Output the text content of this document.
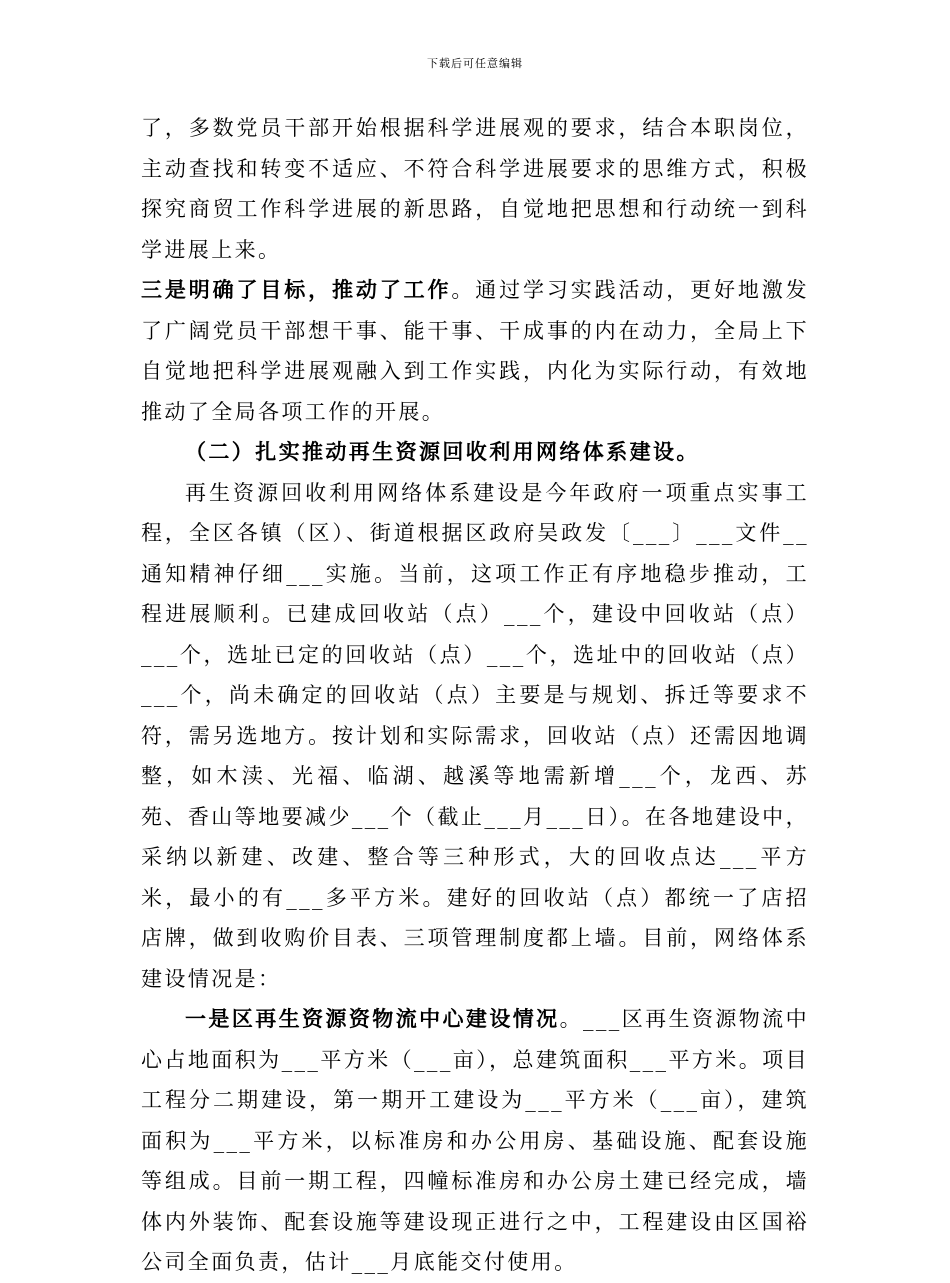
下载后可任意编辑

了，多数党员干部开始根据科学进展观的要求，结合本职岗位，主动查找和转变不适应、不符合科学进展要求的思维方式，积极探究商贸工作科学进展的新思路，自觉地把思想和行动统一到科学进展上来。

三是明确了目标，推动了工作。通过学习实践活动，更好地激发了广阔党员干部想干事、能干事、干成事的内在动力，全局上下自觉地把科学进展观融入到工作实践，内化为实际行动，有效地推动了全局各项工作的开展。

（二）扎实推动再生资源回收利用网络体系建设。

再生资源回收利用网络体系建设是今年政府一项重点实事工程，全区各镇（区）、街道根据区政府吴政发〔___〕___文件__通知精神仔细___实施。当前，这项工作正有序地稳步推动，工程进展顺利。已建成回收站（点）___个，建设中回收站（点）___个，选址已定的回收站（点）___个，选址中的回收站（点）___个，尚未确定的回收站（点）主要是与规划、拆迁等要求不符，需另选地方。按计划和实际需求，回收站（点）还需因地调整，如木渎、光福、临湖、越溪等地需新增___个，龙西、苏苑、香山等地要减少___个（截止___月___日）。在各地建设中，采纳以新建、改建、整合等三种形式，大的回收点达___平方米，最小的有___多平方米。建好的回收站（点）都统一了店招店牌，做到收购价目表、三项管理制度都上墙。目前，网络体系建设情况是：

一是区再生资源资物流中心建设情况。___区再生资源物流中心占地面积为___平方米（___亩），总建筑面积___平方米。项目工程分二期建设，第一期开工建设为___平方米（___亩），建筑面积为___平方米，以标准房和办公用房、基础设施、配套设施等组成。目前一期工程，四幢标准房和办公房土建已经完成，墙体内外装饰、配套设施等建设现正进行之中，工程建设由区国裕公司全面负责，估计___月底能交付使用。
